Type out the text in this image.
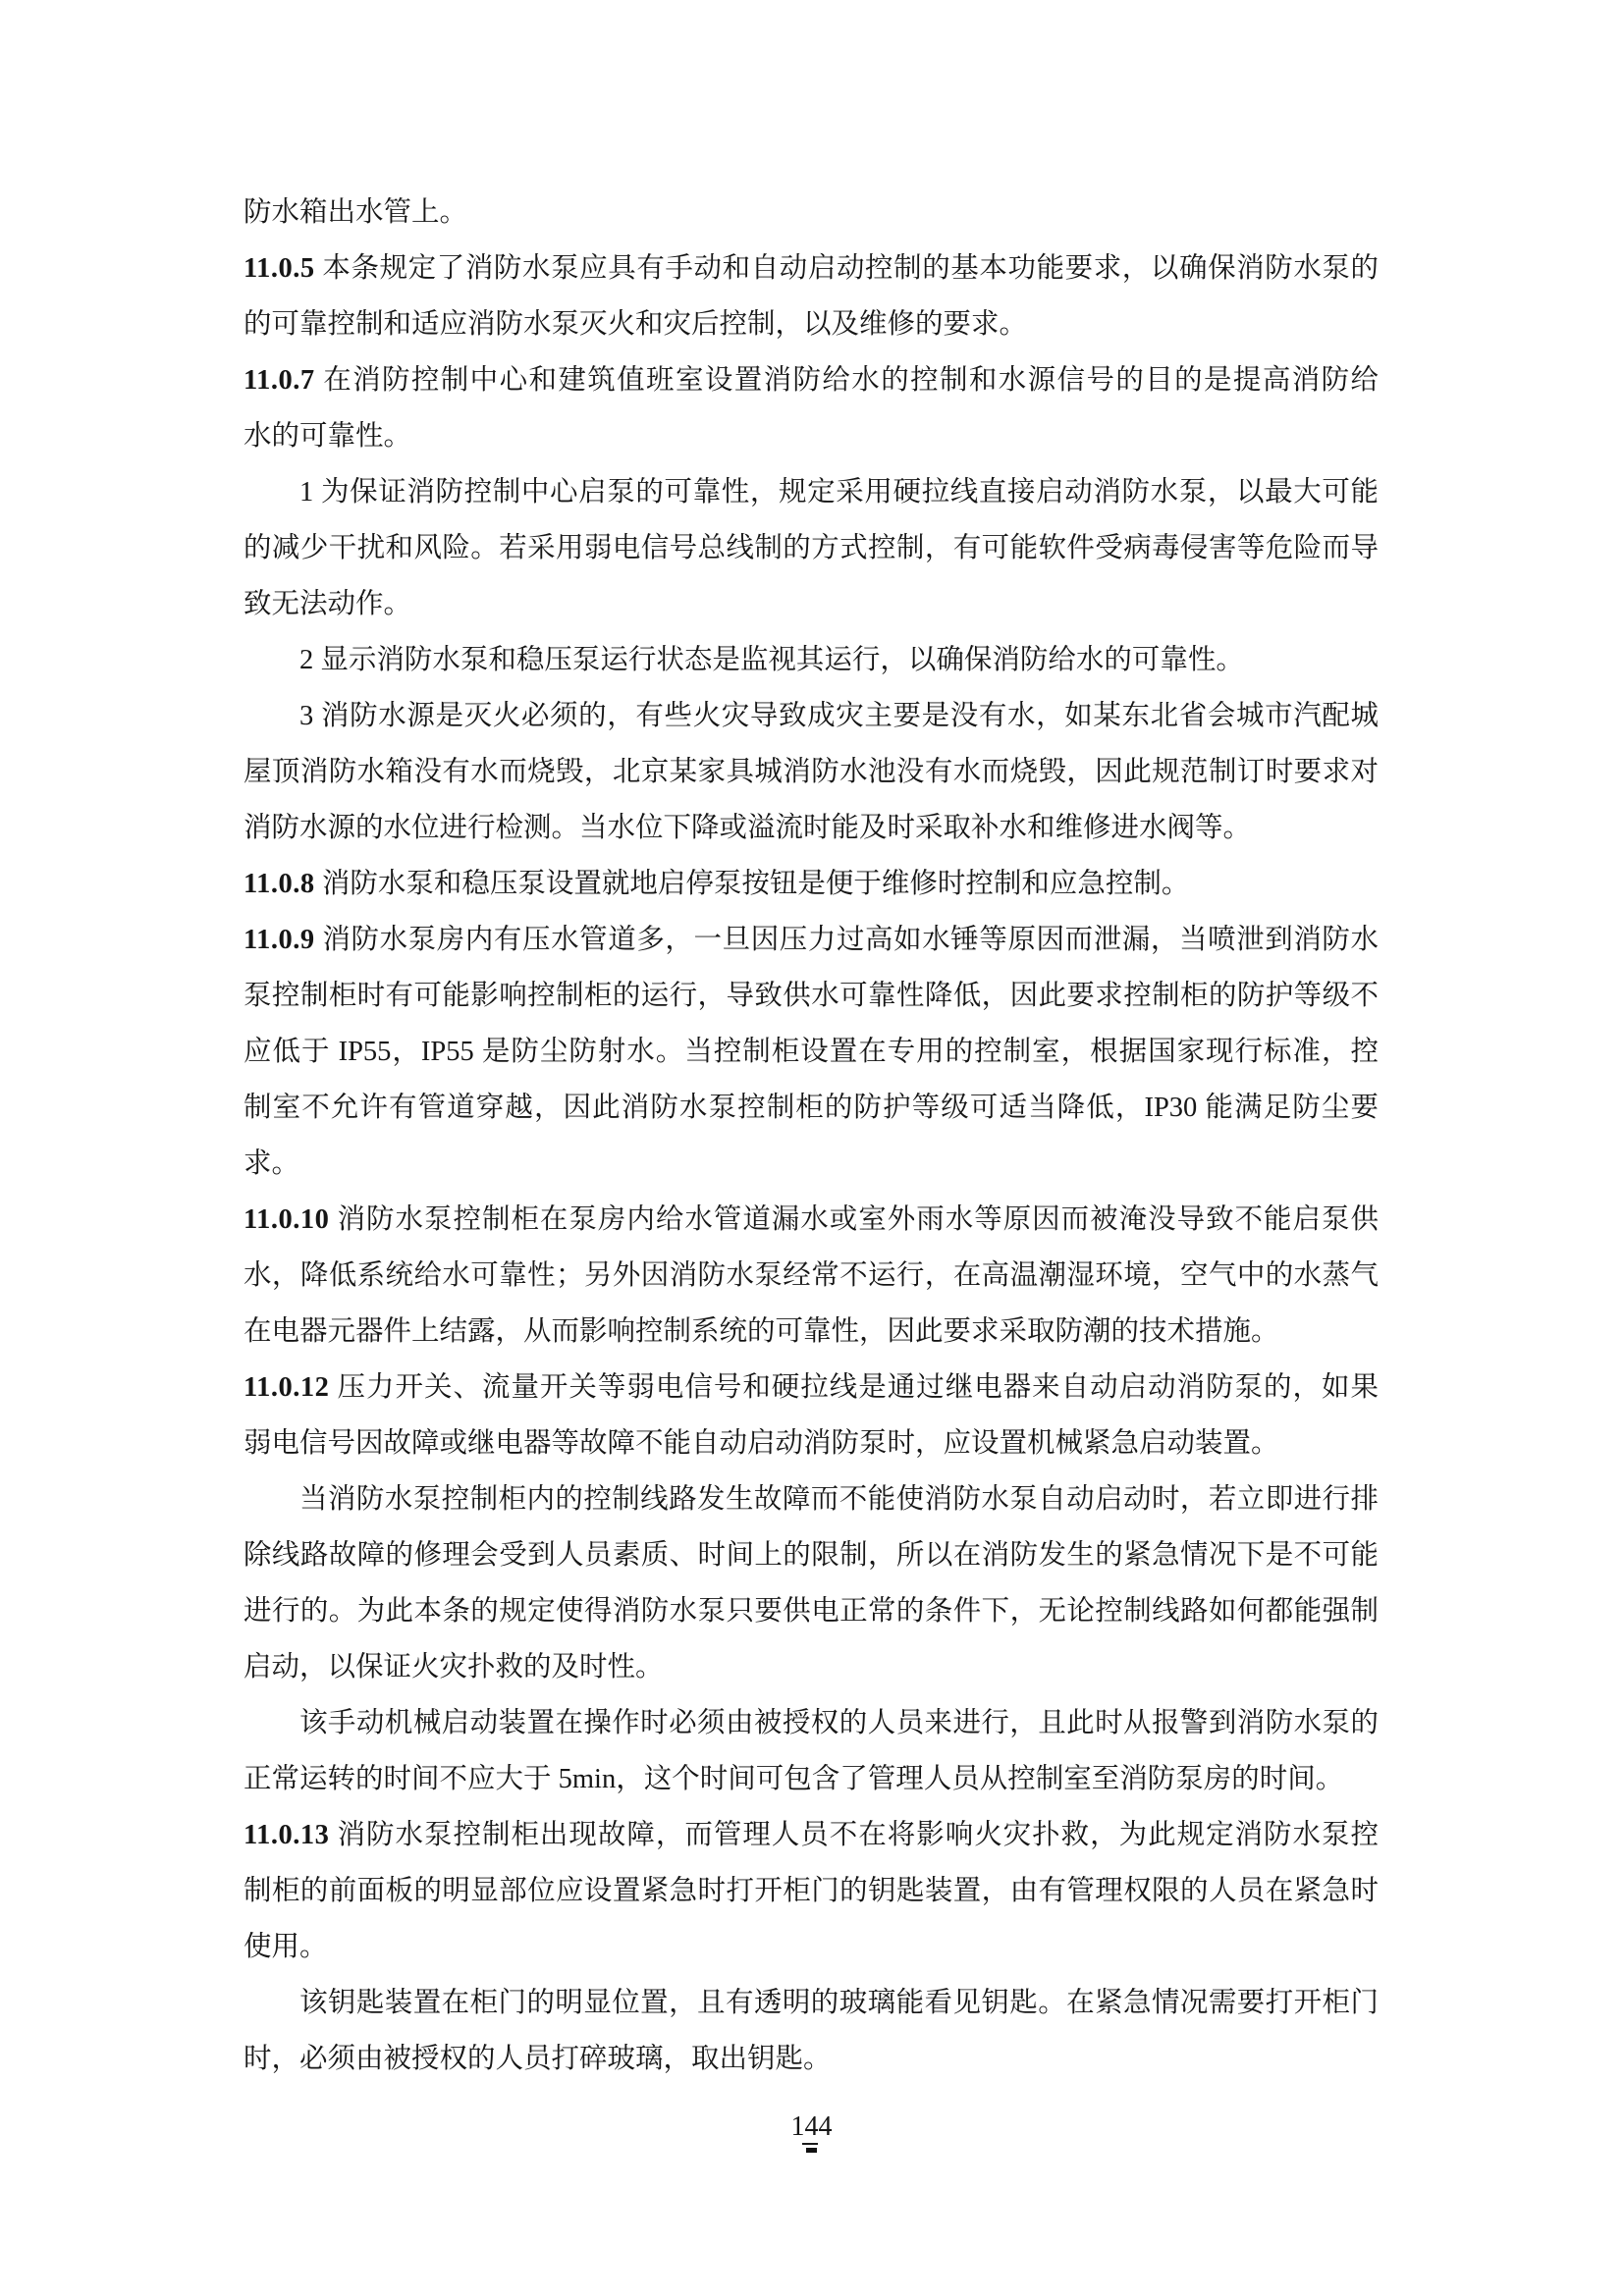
防水箱出水管上。
11.0.5 本条规定了消防水泵应具有手动和自动启动控制的基本功能要求，以确保消防水泵的
的可靠控制和适应消防水泵灭火和灾后控制，以及维修的要求。
11.0.7 在消防控制中心和建筑值班室设置消防给水的控制和水源信号的目的是提高消防给
水的可靠性。
1 为保证消防控制中心启泵的可靠性，规定采用硬拉线直接启动消防水泵，以最大可能
的减少干扰和风险。若采用弱电信号总线制的方式控制，有可能软件受病毒侵害等危险而导
致无法动作。
2 显示消防水泵和稳压泵运行状态是监视其运行，以确保消防给水的可靠性。
3 消防水源是灭火必须的，有些火灾导致成灾主要是没有水，如某东北省会城市汽配城
屋顶消防水箱没有水而烧毁，北京某家具城消防水池没有水而烧毁，因此规范制订时要求对
消防水源的水位进行检测。当水位下降或溢流时能及时采取补水和维修进水阀等。
11.0.8 消防水泵和稳压泵设置就地启停泵按钮是便于维修时控制和应急控制。
11.0.9 消防水泵房内有压水管道多，一旦因压力过高如水锤等原因而泄漏，当喷泄到消防水
泵控制柜时有可能影响控制柜的运行，导致供水可靠性降低，因此要求控制柜的防护等级不
应低于 IP55，IP55 是防尘防射水。当控制柜设置在专用的控制室，根据国家现行标准，控
制室不允许有管道穿越，因此消防水泵控制柜的防护等级可适当降低，IP30 能满足防尘要
求。
11.0.10 消防水泵控制柜在泵房内给水管道漏水或室外雨水等原因而被淹没导致不能启泵供
水，降低系统给水可靠性；另外因消防水泵经常不运行，在高温潮湿环境，空气中的水蒸气
在电器元器件上结露，从而影响控制系统的可靠性，因此要求采取防潮的技术措施。
11.0.12 压力开关、流量开关等弱电信号和硬拉线是通过继电器来自动启动消防泵的，如果
弱电信号因故障或继电器等故障不能自动启动消防泵时，应设置机械紧急启动装置。
当消防水泵控制柜内的控制线路发生故障而不能使消防水泵自动启动时，若立即进行排
除线路故障的修理会受到人员素质、时间上的限制，所以在消防发生的紧急情况下是不可能
进行的。为此本条的规定使得消防水泵只要供电正常的条件下，无论控制线路如何都能强制
启动，以保证火灾扑救的及时性。
该手动机械启动装置在操作时必须由被授权的人员来进行，且此时从报警到消防水泵的
正常运转的时间不应大于 5min，这个时间可包含了管理人员从控制室至消防泵房的时间。
11.0.13 消防水泵控制柜出现故障，而管理人员不在将影响火灾扑救，为此规定消防水泵控
制柜的前面板的明显部位应设置紧急时打开柜门的钥匙装置，由有管理权限的人员在紧急时
使用。
该钥匙装置在柜门的明显位置，且有透明的玻璃能看见钥匙。在紧急情况需要打开柜门
时，必须由被授权的人员打碎玻璃，取出钥匙。
144
